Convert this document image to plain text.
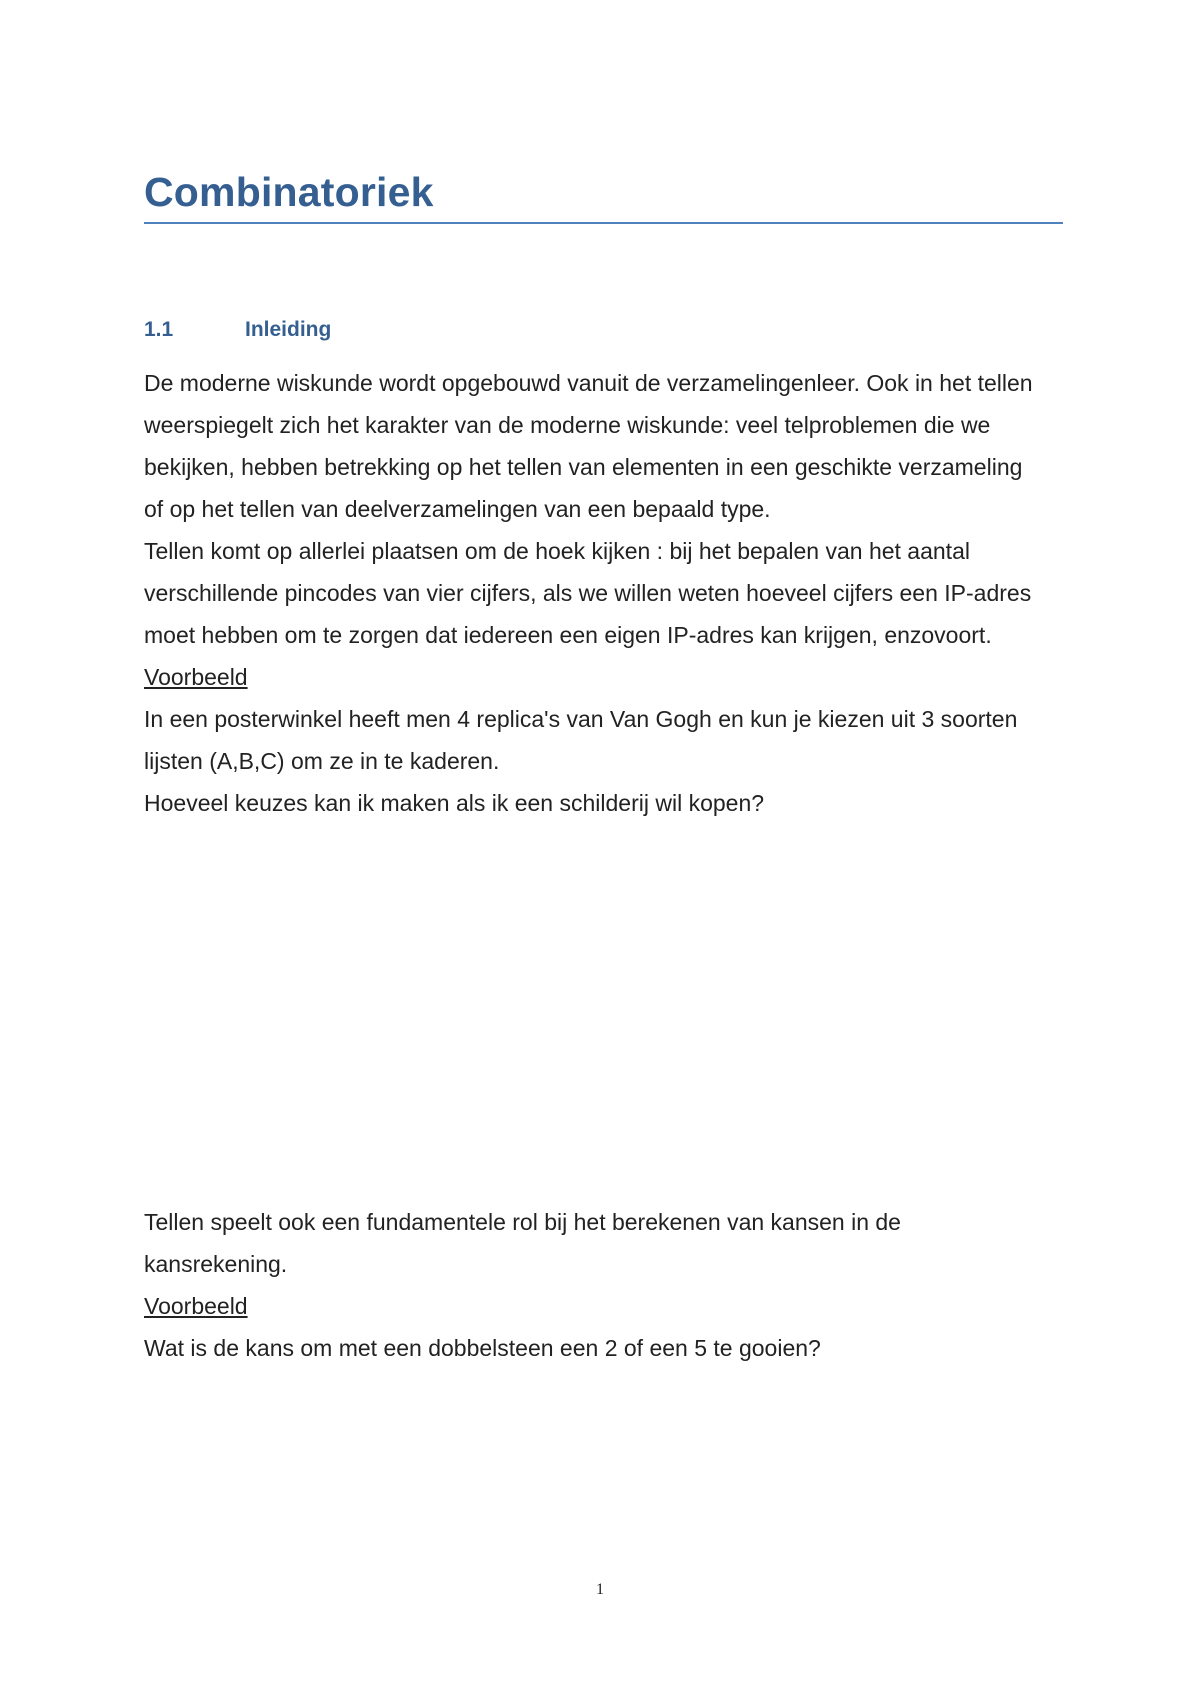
Combinatoriek
1.1	Inleiding

De moderne wiskunde wordt opgebouwd vanuit de verzamelingenleer. Ook in het tellen weerspiegelt zich het karakter van de moderne wiskunde: veel telproblemen die we bekijken, hebben betrekking op het tellen van elementen in een geschikte verzameling of op het tellen van deelverzamelingen van een bepaald type.

Tellen komt op allerlei plaatsen om de hoek kijken : bij het bepalen van het aantal verschillende pincodes van vier cijfers, als we willen weten hoeveel cijfers een IP-adres moet hebben om te zorgen dat iedereen een eigen IP-adres kan krijgen, enzovoort.

Voorbeeld

In een posterwinkel heeft men 4 replica's van Van Gogh en kun je kiezen uit 3 soorten lijsten (A,B,C) om ze in te kaderen.

Hoeveel keuzes kan ik maken als ik een schilderij wil kopen?

Tellen speelt ook een fundamentele rol bij het berekenen van kansen in de kansrekening.

Voorbeeld

Wat is de kans om met een dobbelsteen een 2 of een 5 te gooien?

1
